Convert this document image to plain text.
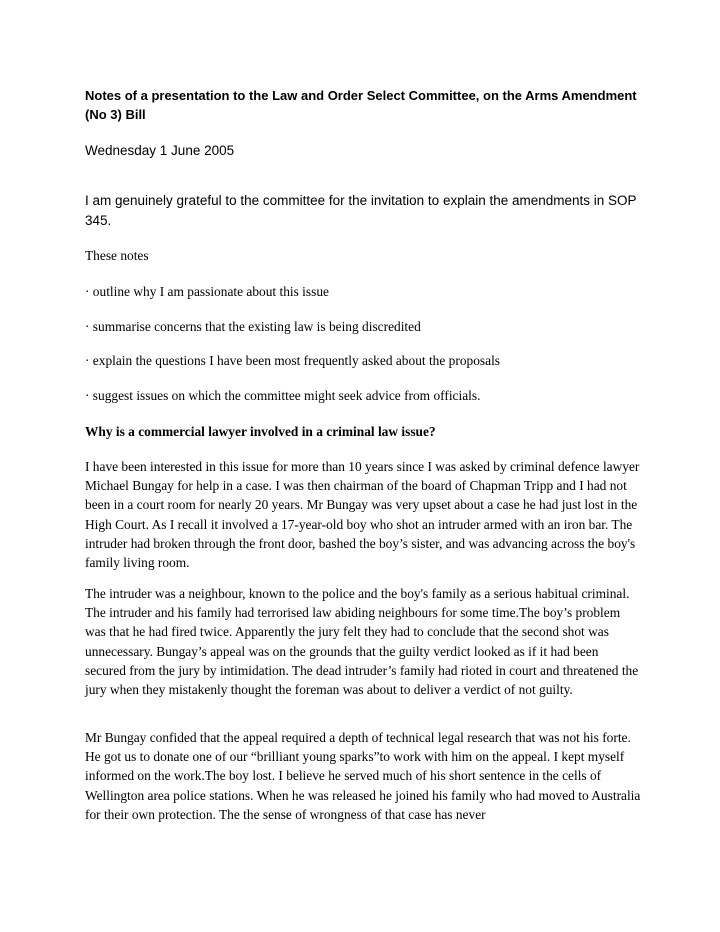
Notes of a presentation to the Law and Order Select Committee, on the Arms Amendment (No 3) Bill

Wednesday 1 June 2005

I am genuinely grateful to the committee for the invitation to explain the amendments in SOP 345.

These notes

· outline why I am passionate about this issue

· summarise concerns that the existing law is being discredited

· explain the questions I have been most frequently asked about the proposals

· suggest issues on which the committee might seek advice from officials.

Why is a commercial lawyer involved in a criminal law issue?

I have been interested in this issue for more than 10 years since I was asked by criminal defence lawyer Michael Bungay for help in a case. I was then chairman of the board of Chapman Tripp and I had not been in a court room for nearly 20 years. Mr Bungay was very upset about a case he had just lost in the High Court. As I recall it involved a 17-year-old boy who shot an intruder armed with an iron bar. The intruder had broken through the front door, bashed the boy’s sister, and was advancing across the boy's family living room.

The intruder was a neighbour, known to the police and the boy's family as a serious habitual criminal. The intruder and his family had terrorised law abiding neighbours for some time.The boy’s problem was that he had fired twice. Apparently the jury felt they had to conclude that the second shot was unnecessary. Bungay’s appeal was on the grounds that the guilty verdict looked as if it had been secured from the jury by intimidation. The dead intruder’s family had rioted in court and threatened the jury when they mistakenly thought the foreman was about to deliver a verdict of not guilty.

Mr Bungay confided that the appeal required a depth of technical legal research that was not his forte. He got us to donate one of our “brilliant young sparks”to work with him on the appeal. I kept myself informed on the work.The boy lost. I believe he served much of his short sentence in the cells of Wellington area police stations. When he was released he joined his family who had moved to Australia for their own protection. The the sense of wrongness of that case has never
